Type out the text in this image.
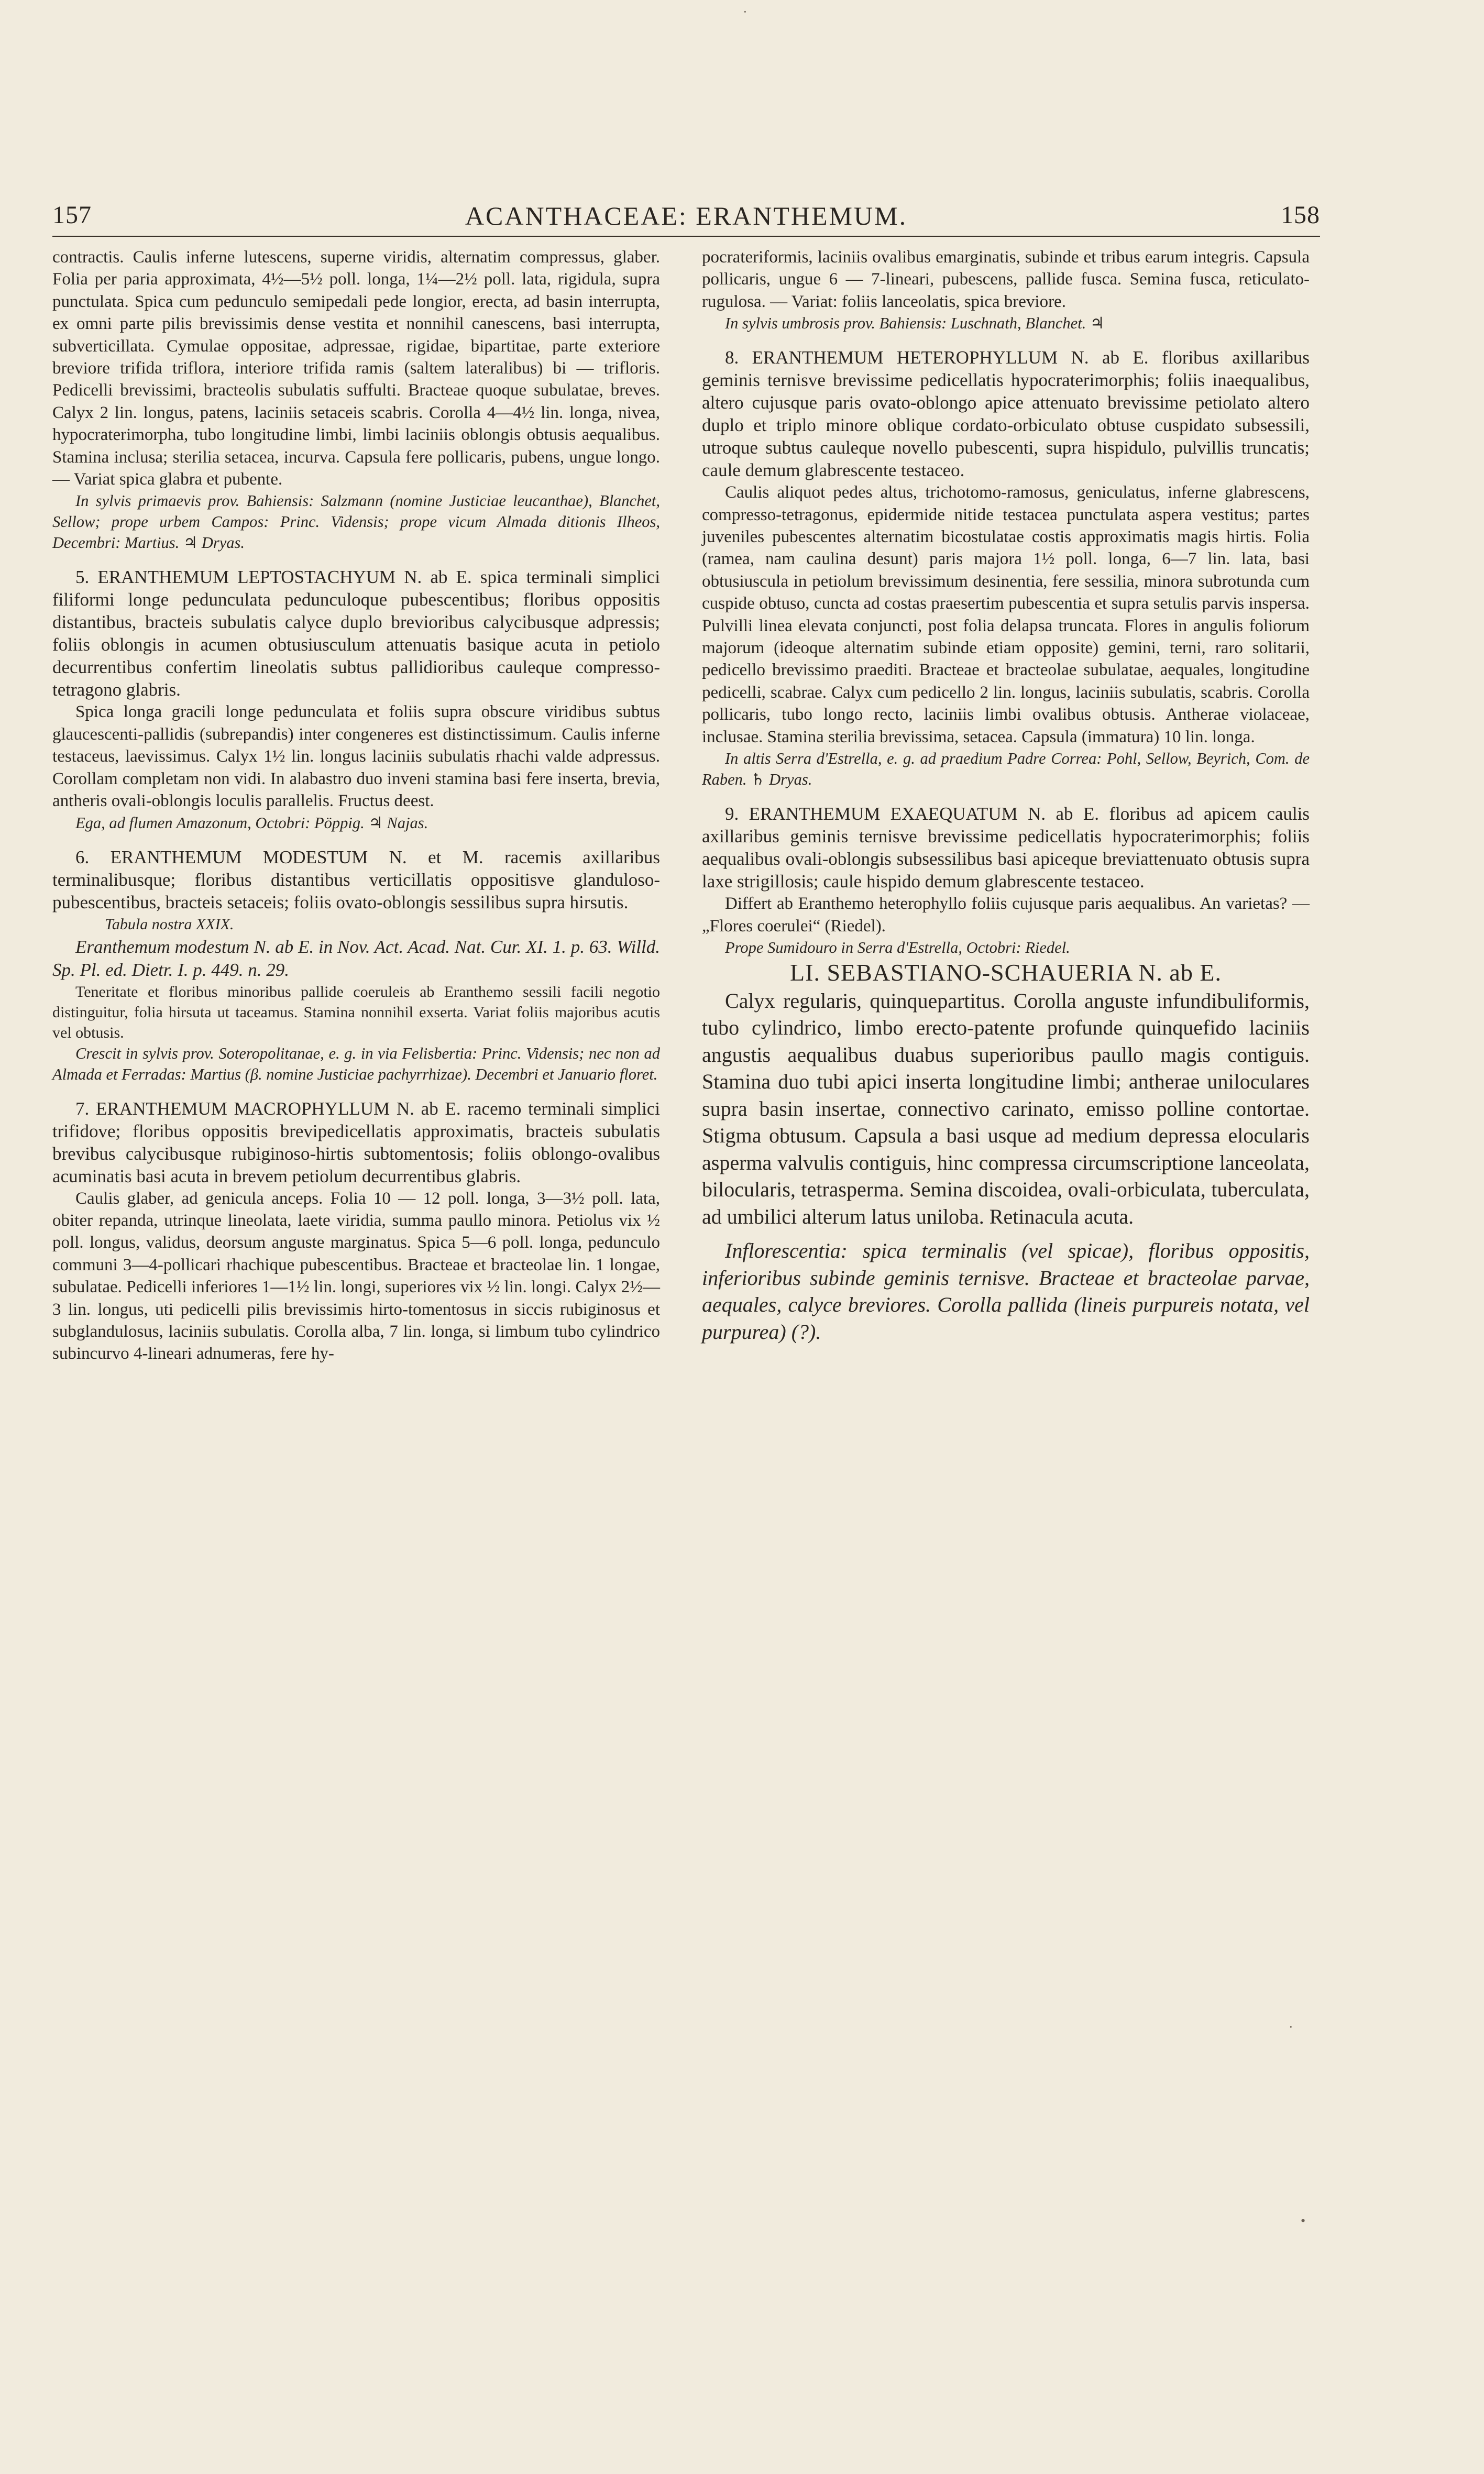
157	ACANTHACEAE: ERANTHEMUM.	158

contractis. Caulis inferne lutescens, superne viridis, alternatim compressus, glaber. Folia per paria approximata, 4½—5½ poll. longa, 1¼—2½ poll. lata, rigidula, supra punctulata. Spica cum pedunculo semipedali pede longior, erecta, ad basin interrupta, ex omni parte pilis brevissimis dense vestita et nonnihil canescens, basi interrupta, subverticillata. Cymulae oppositae, adpressae, rigidae, bipartitae, parte exteriore breviore trifida triflora, interiore trifida ramis (saltem lateralibus) bi — trifloris. Pedicelli brevissimi, bracteolis subulatis suffulti. Bracteae quoque subulatae, breves. Calyx 2 lin. longus, patens, laciniis setaceis scabris. Corolla 4—4½ lin. longa, nivea, hypocraterimorpha, tubo longitudine limbi, limbi laciniis oblongis obtusis aequalibus. Stamina inclusa; sterilia setacea, incurva. Capsula fere pollicaris, pubens, ungue longo. — Variat spica glabra et pubente.

In sylvis primaevis prov. Bahiensis: Salzmann (nomine Justiciae leucanthae), Blanchet, Sellow; prope urbem Campos: Princ. Vidensis; prope vicum Almada ditionis Ilheos, Decembri: Martius. ♃ Dryas.

5. ERANTHEMUM LEPTOSTACHYUM N. ab E. spica terminali simplici filiformi longe pedunculata pedunculoque pubescentibus; floribus oppositis distantibus, bracteis subulatis calyce duplo brevioribus calycibusque adpressis; foliis oblongis in acumen obtusiusculum attenuatis basique acuta in petiolo decurrentibus confertim lineolatis subtus pallidioribus cauleque compresso-tetragono glabris.

Spica longa gracili longe pedunculata et foliis supra obscure viridibus subtus glaucescenti-pallidis (subrepandis) inter congeneres est distinctissimum. Caulis inferne testaceus, laevissimus. Calyx 1½ lin. longus laciniis subulatis rhachi valde adpressus. Corollam completam non vidi. In alabastro duo inveni stamina basi fere inserta, brevia, antheris ovali-oblongis loculis parallelis. Fructus deest.

Ega, ad flumen Amazonum, Octobri: Pöppig. ♃ Najas.

6. ERANTHEMUM MODESTUM N. et M. racemis axillaribus terminalibusque; floribus distantibus verticillatis oppositisve glanduloso-pubescentibus, bracteis setaceis; foliis ovato-oblongis sessilibus supra hirsutis.

Tabula nostra XXIX.

Eranthemum modestum N. ab E. in Nov. Act. Acad. Nat. Cur. XI. 1. p. 63. Willd. Sp. Pl. ed. Dietr. I. p. 449. n. 29.

Teneritate et floribus minoribus pallide coeruleis ab Eranthemo sessili facili negotio distinguitur, folia hirsuta ut taceamus. Stamina nonnihil exserta. Variat foliis majoribus acutis vel obtusis.

Crescit in sylvis prov. Soteropolitanae, e. g. in via Felisbertia: Princ. Vidensis; nec non ad Almada et Ferradas: Martius (β. nomine Justiciae pachyrrhizae). Decembri et Januario floret.

7. ERANTHEMUM MACROPHYLLUM N. ab E. racemo terminali simplici trifidove; floribus oppositis brevipedicellatis approximatis, bracteis subulatis brevibus calycibusque rubiginoso-hirtis subtomentosis; foliis oblongo-ovalibus acuminatis basi acuta in brevem petiolum decurrentibus glabris.

Caulis glaber, ad genicula anceps. Folia 10 — 12 poll. longa, 3—3½ poll. lata, obiter repanda, utrinque lineolata, laete viridia, summa paullo minora. Petiolus vix ½ poll. longus, validus, deorsum anguste marginatus. Spica 5—6 poll. longa, pedunculo communi 3—4-pollicari rhachique pubescentibus. Bracteae et bracteolae lin. 1 longae, subulatae. Pedicelli inferiores 1—1½ lin. longi, superiores vix ½ lin. longi. Calyx 2½—3 lin. longus, uti pedicelli pilis brevissimis hirto-tomentosus in siccis rubiginosus et subglandulosus, laciniis subulatis. Corolla alba, 7 lin. longa, si limbum tubo cylindrico subincurvo 4-lineari adnumeras, fere hy-

pocrateriformis, laciniis ovalibus emarginatis, subinde et tribus earum integris. Capsula pollicaris, ungue 6 — 7-lineari, pubescens, pallide fusca. Semina fusca, reticulato-rugulosa. — Variat: foliis lanceolatis, spica breviore.

In sylvis umbrosis prov. Bahiensis: Luschnath, Blanchet. ♃

8. ERANTHEMUM HETEROPHYLLUM N. ab E. floribus axillaribus geminis ternisve brevissime pedicellatis hypocraterimorphis; foliis inaequalibus, altero cujusque paris ovato-oblongo apice attenuato brevissime petiolato altero duplo et triplo minore oblique cordato-orbiculato obtuse cuspidato subsessili, utroque subtus cauleque novello pubescenti, supra hispidulo, pulvillis truncatis; caule demum glabrescente testaceo.

Caulis aliquot pedes altus, trichotomo-ramosus, geniculatus, inferne glabrescens, compresso-tetragonus, epidermide nitide testacea punctulata aspera vestitus; partes juveniles pubescentes alternatim bicostulatae costis approximatis magis hirtis. Folia (ramea, nam caulina desunt) paris majora 1½ poll. longa, 6—7 lin. lata, basi obtusiuscula in petiolum brevissimum desinentia, fere sessilia, minora subrotunda cum cuspide obtuso, cuncta ad costas praesertim pubescentia et supra setulis parvis inspersa. Pulvilli linea elevata conjuncti, post folia delapsa truncata. Flores in angulis foliorum majorum (ideoque alternatim subinde etiam opposite) gemini, terni, raro solitarii, pedicello brevissimo praediti. Bracteae et bracteolae subulatae, aequales, longitudine pedicelli, scabrae. Calyx cum pedicello 2 lin. longus, laciniis subulatis, scabris. Corolla pollicaris, tubo longo recto, laciniis limbi ovalibus obtusis. Antherae violaceae, inclusae. Stamina sterilia brevissima, setacea. Capsula (immatura) 10 lin. longa.

In altis Serra d'Estrella, e. g. ad praedium Padre Correa: Pohl, Sellow, Beyrich, Com. de Raben. ♄ Dryas.

9. ERANTHEMUM EXAEQUATUM N. ab E. floribus ad apicem caulis axillaribus geminis ternisve brevissime pedicellatis hypocraterimorphis; foliis aequalibus ovali-oblongis subsessilibus basi apiceque breviattenuato obtusis supra laxe strigillosis; caule hispido demum glabrescente testaceo.

Differt ab Eranthemo heterophyllo foliis cujusque paris aequalibus. An varietas? — „Flores coerulei“ (Riedel).

Prope Sumidouro in Serra d'Estrella, Octobri: Riedel.

LI. SEBASTIANO-SCHAUERIA N. ab E.

Calyx regularis, quinquepartitus. Corolla anguste infundibuliformis, tubo cylindrico, limbo erecto-patente profunde quinquefido laciniis angustis aequalibus duabus superioribus paullo magis contiguis. Stamina duo tubi apici inserta longitudine limbi; antherae uniloculares supra basin insertae, connectivo carinato, emisso polline contortae. Stigma obtusum. Capsula a basi usque ad medium depressa elocularis asperma valvulis contiguis, hinc compressa circumscriptione lanceolata, bilocularis, tetrasperma. Semina discoidea, ovali-orbiculata, tuberculata, ad umbilici alterum latus uniloba. Retinacula acuta.

Inflorescentia: spica terminalis (vel spicae), floribus oppositis, inferioribus subinde geminis ternisve. Bracteae et bracteolae parvae, aequales, calyce breviores. Corolla pallida (lineis purpureis notata, vel purpurea) (?).

·
·
•
